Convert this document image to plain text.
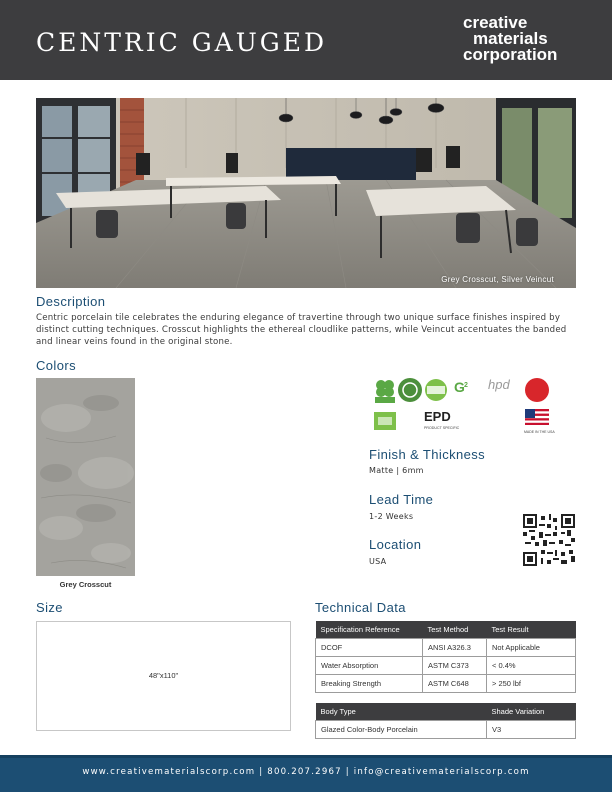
CENTRIC GAUGED
creative
materials
corporation
Grey Crosscut, Silver Veincut
Description
Centric porcelain tile celebrates the enduring elegance of travertine through two unique surface finishes inspired by distinct cutting techniques. Crosscut highlights the ethereal cloudlike patterns, while Veincut accentuates the banded and linear veins found in the original stone.
Colors
Grey Crosscut
G 2 hpd
EPD
PRODUCT SPECIFIC
MADE IN THE USA
Finish & Thickness
Matte | 6mm
Lead Time
1-2 Weeks
Location
USA
Size
48"x110"
Technical Data
Specification Reference	Test Method	Test Result
DCOF	ANSI A326.3	Not Applicable
Water Absorption	ASTM C373	< 0.4%
Breaking Strength	ASTM C648	> 250 lbf
Body Type	Shade Variation
Glazed Color-Body Porcelain	V3
www.creativematerialscorp.com | 800.207.2967 | info@creativematerialscorp.com
